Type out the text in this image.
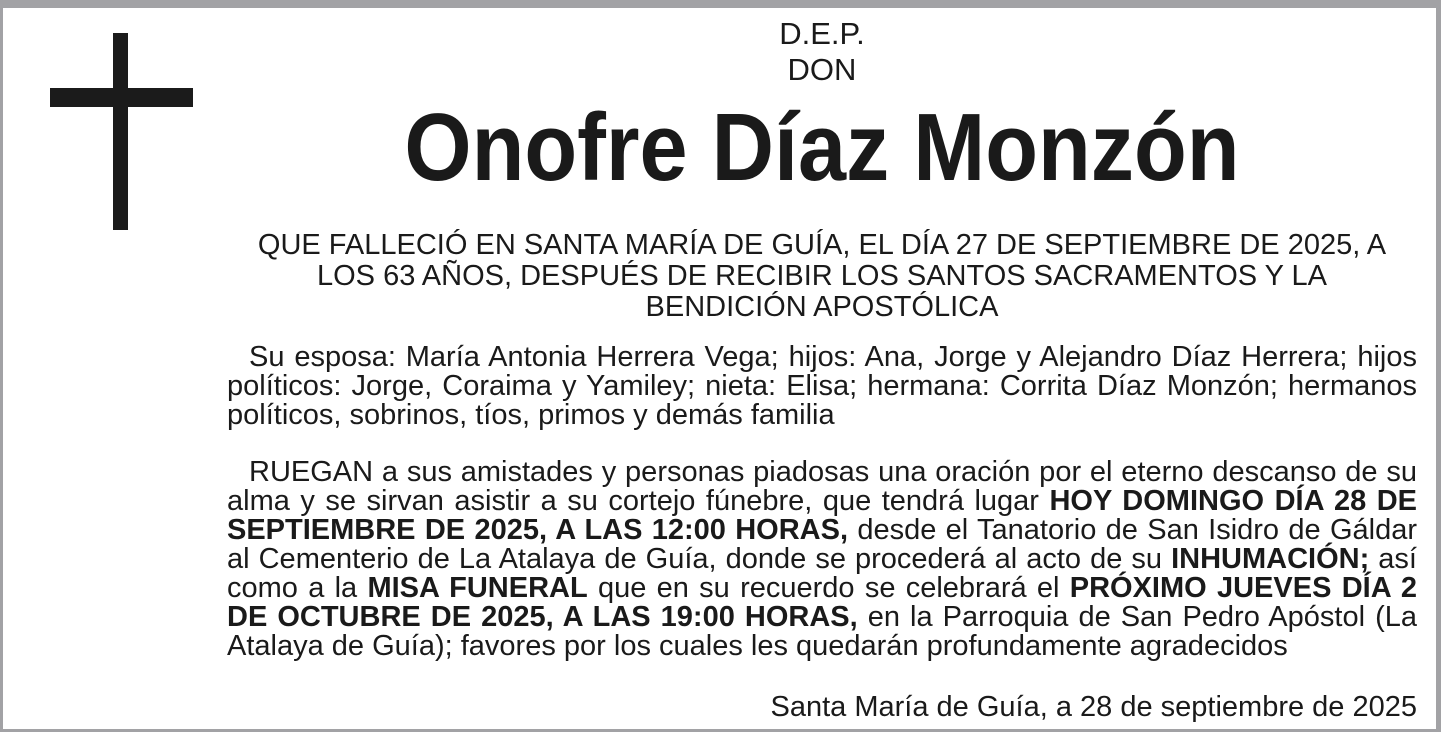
D.E.P.
DON
Onofre Díaz Monzón
QUE FALLECIÓ EN SANTA MARÍA DE GUÍA, EL DÍA 27 DE SEPTIEMBRE DE 2025, A
LOS 63 AÑOS, DESPUÉS DE RECIBIR LOS SANTOS SACRAMENTOS Y LA
BENDICIÓN APOSTÓLICA

Su esposa: María Antonia Herrera Vega; hijos: Ana, Jorge y Alejandro Díaz Herrera; hijos políticos: Jorge, Coraima y Yamiley; nieta: Elisa; hermana: Corrita Díaz Monzón; hermanos políticos, sobrinos, tíos, primos y demás familia

RUEGAN a sus amistades y personas piadosas una oración por el eterno descanso de su alma y se sirvan asistir a su cortejo fúnebre, que tendrá lugar HOY DOMINGO DÍA 28 DE SEPTIEMBRE DE 2025, A LAS 12:00 HORAS, desde el Tanatorio de San Isidro de Gáldar al Cementerio de La Atalaya de Guía, donde se procederá al acto de su INHUMACIÓN; así como a la MISA FUNERAL que en su recuerdo se celebrará el PRÓXIMO JUEVES DÍA 2 DE OCTUBRE DE 2025, A LAS 19:00 HORAS, en la Parroquia de San Pedro Apóstol (La Atalaya de Guía); favores por los cuales les quedarán profundamente agradecidos

Santa María de Guía, a 28 de septiembre de 2025
